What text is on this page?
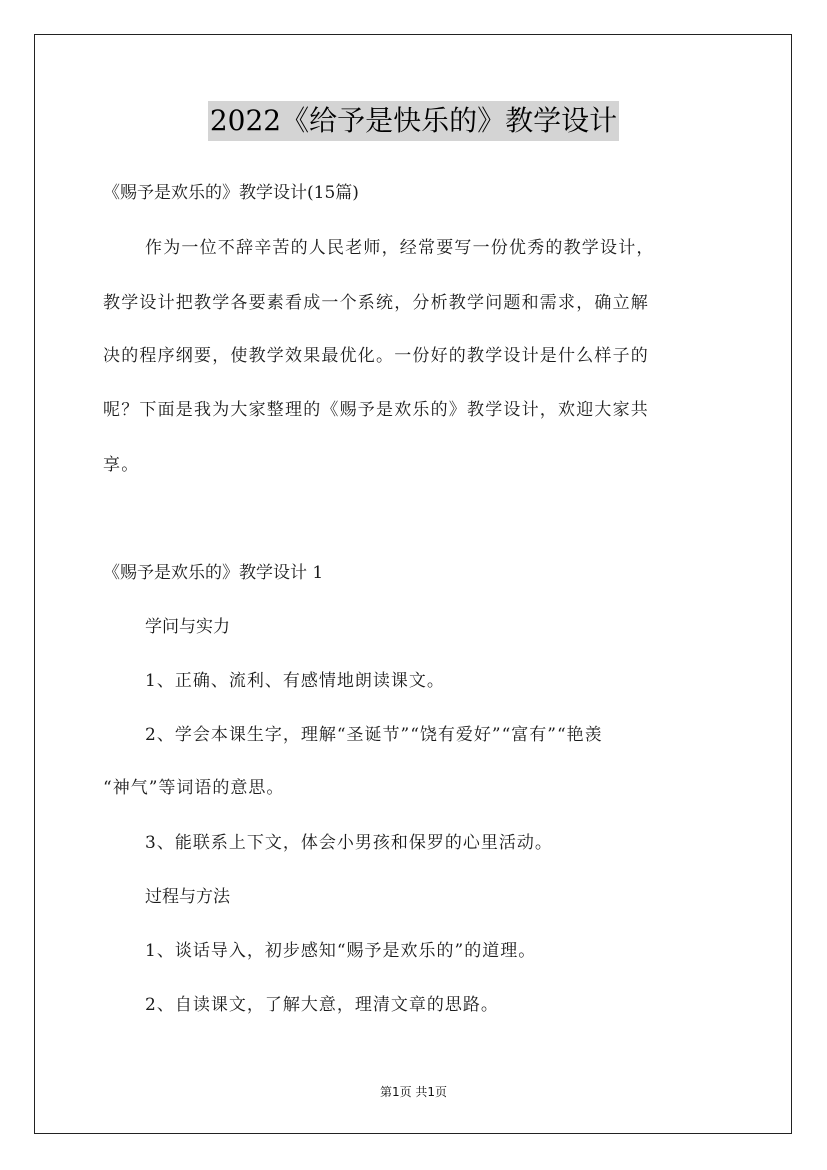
2022《给予是快乐的》教学设计
《赐予是欢乐的》教学设计(15篇)
作为一位不辞辛苦的人民老师，经常要写一份优秀的教学设计，
教学设计把教学各要素看成一个系统，分析教学问题和需求，确立解
决的程序纲要，使教学效果最优化。一份好的教学设计是什么样子的
呢？下面是我为大家整理的《赐予是欢乐的》教学设计，欢迎大家共
享。
《赐予是欢乐的》教学设计 1
学问与实力
1、正确、流利、有感情地朗读课文。
2、学会本课生字，理解“圣诞节”“饶有爱好”“富有”“艳羡
“神气”等词语的意思。
3、能联系上下文，体会小男孩和保罗的心里活动。
过程与方法
1、谈话导入，初步感知“赐予是欢乐的”的道理。
2、自读课文，了解大意，理清文章的思路。
第1页 共1页
